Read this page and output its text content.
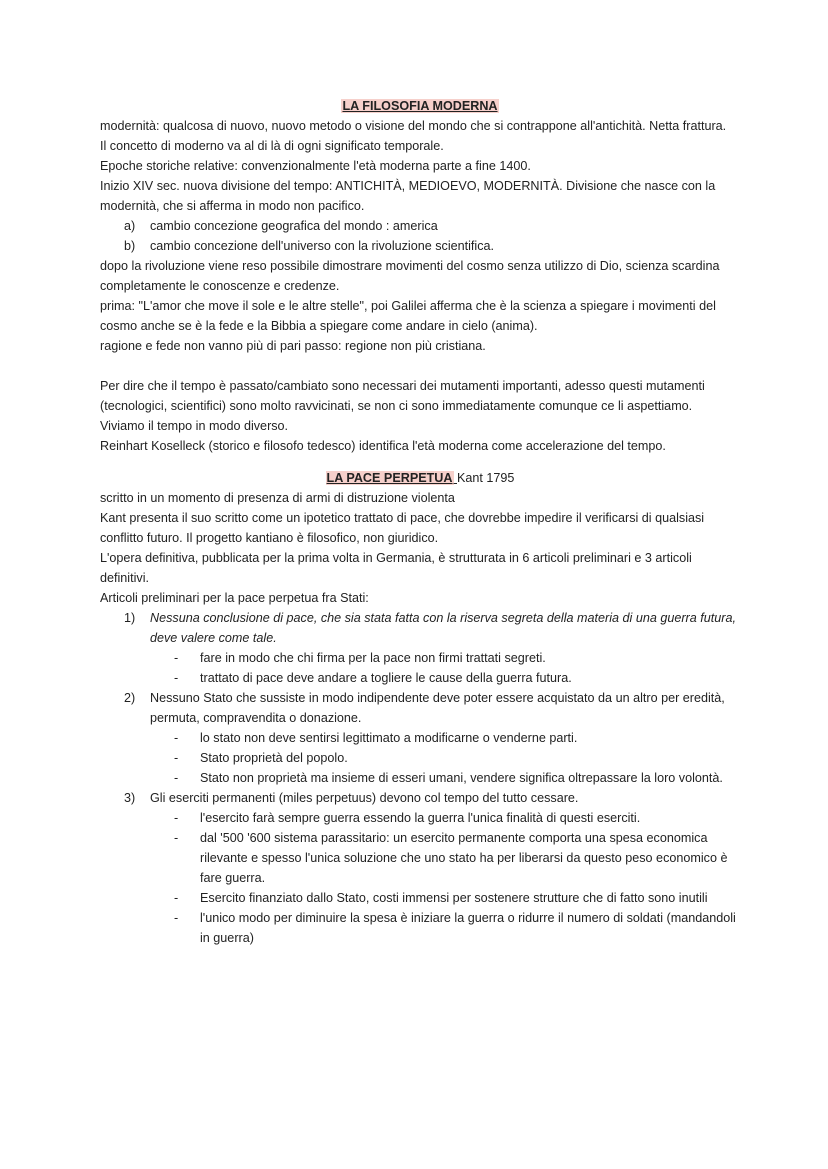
LA FILOSOFIA MODERNA

modernità: qualcosa di nuovo, nuovo metodo o visione del mondo che si contrappone all'antichità. Netta frattura.

Il concetto di moderno va al di là di ogni significato temporale.

Epoche storiche relative: convenzionalmente l'età moderna parte a fine 1400.

Inizio XIV sec. nuova divisione del tempo: ANTICHITÀ, MEDIOEVO, MODERNITÀ. Divisione che nasce con la modernità, che si afferma in modo non pacifico.

a) cambio concezione geografica del mondo : america
b) cambio concezione dell'universo con la rivoluzione scientifica.

dopo la rivoluzione viene reso possibile dimostrare movimenti del cosmo senza utilizzo di Dio, scienza scardina completamente le conoscenze e credenze.

prima: "L'amor che move il sole e le altre stelle", poi Galilei afferma che è la scienza a spiegare i movimenti del cosmo anche se è la fede e la Bibbia a spiegare come andare in cielo (anima).

ragione e fede non vanno più di pari passo: regione non più cristiana.

Per dire che il tempo è passato/cambiato sono necessari dei mutamenti importanti, adesso questi mutamenti (tecnologici, scientifici) sono molto ravvicinati, se non ci sono immediatamente comunque ce li aspettiamo.

Viviamo il tempo in modo diverso.

Reinhart Koselleck (storico e filosofo tedesco) identifica l'età moderna come accelerazione del tempo.

LA PACE PERPETUA Kant 1795

scritto in un momento di presenza di armi di distruzione violenta

Kant presenta il suo scritto come un ipotetico trattato di pace, che dovrebbe impedire il verificarsi di qualsiasi conflitto futuro. Il progetto kantiano è filosofico, non giuridico.

L'opera definitiva, pubblicata per la prima volta in Germania, è strutturata in 6 articoli preliminari e 3 articoli definitivi.

Articoli preliminari per la pace perpetua fra Stati:

1) Nessuna conclusione di pace, che sia stata fatta con la riserva segreta della materia di una guerra futura, deve valere come tale.
- fare in modo che chi firma per la pace non firmi trattati segreti.
- trattato di pace deve andare a togliere le cause della guerra futura.
2) Nessuno Stato che sussiste in modo indipendente deve poter essere acquistato da un altro per eredità, permuta, compravendita o donazione.
- lo stato non deve sentirsi legittimato a modificarne o venderne parti.
- Stato proprietà del popolo.
- Stato non proprietà ma insieme di esseri umani, vendere significa oltrepassare la loro volontà.
3) Gli eserciti permanenti (miles perpetuus) devono col tempo del tutto cessare.
- l'esercito farà sempre guerra essendo la guerra l'unica finalità di questi eserciti.
- dal '500 '600 sistema parassitario: un esercito permanente comporta una spesa economica rilevante e spesso l'unica soluzione che uno stato ha per liberarsi da questo peso economico è fare guerra.
- Esercito finanziato dallo Stato, costi immensi per sostenere strutture che di fatto sono inutili
- l'unico modo per diminuire la spesa è iniziare la guerra o ridurre il numero di soldati (mandandoli in guerra)
